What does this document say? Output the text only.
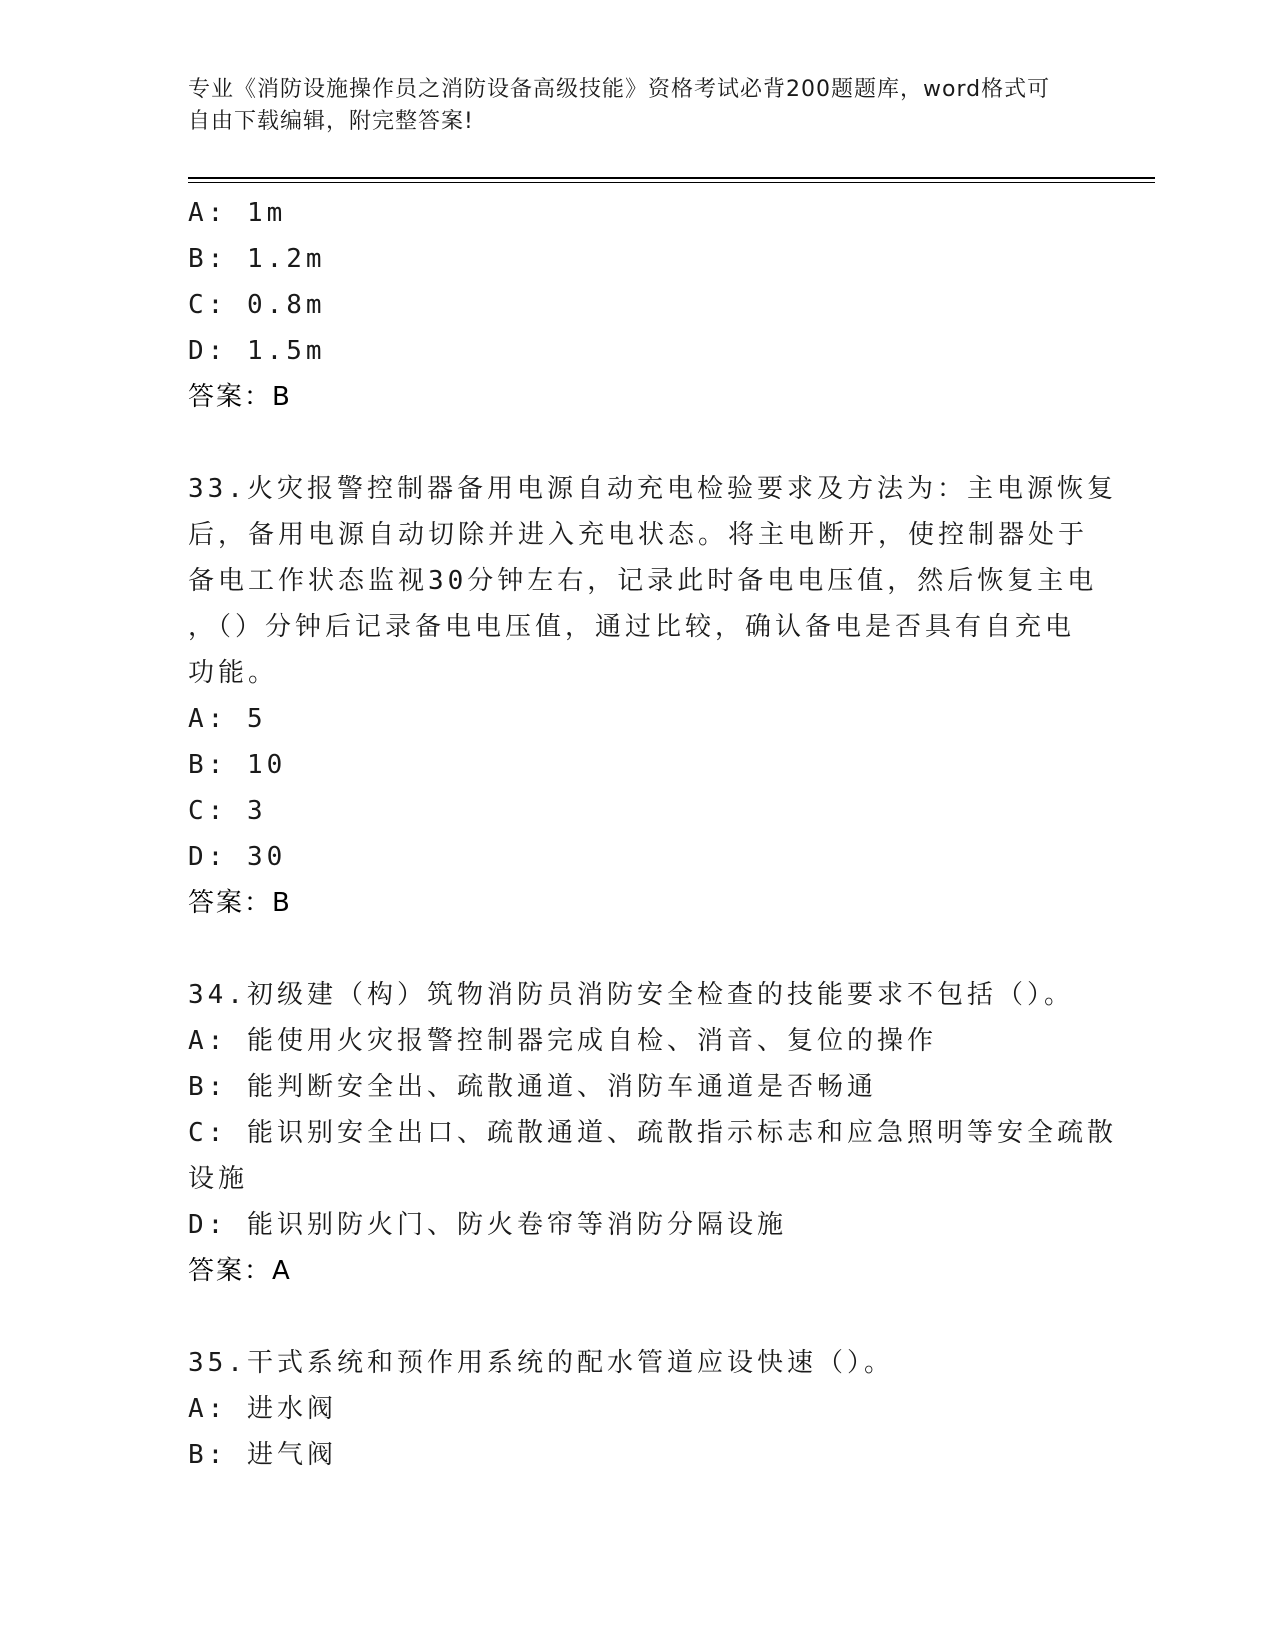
专业《消防设施操作员之消防设备高级技能》资格考试必背200题题库，word格式可自由下载编辑，附完整答案!
A: 1m
B: 1.2m
C: 0.8m
D: 1.5m
答案：B
33.火灾报警控制器备用电源自动充电检验要求及方法为：主电源恢复
后，备用电源自动切除并进入充电状态。将主电断开，使控制器处于
备电工作状态监视30分钟左右，记录此时备电电压值，然后恢复主电
，（）分钟后记录备电电压值，通过比较，确认备电是否具有自充电
功能。
A: 5
B: 10
C: 3
D: 30
答案：B
34.初级建（构）筑物消防员消防安全检查的技能要求不包括（）。
A: 能使用火灾报警控制器完成自检、消音、复位的操作
B: 能判断安全出、疏散通道、消防车通道是否畅通
C: 能识别安全出口、疏散通道、疏散指示标志和应急照明等安全疏散
设施
D: 能识别防火门、防火卷帘等消防分隔设施
答案：A
35.干式系统和预作用系统的配水管道应设快速（）。
A: 进水阀
B: 进气阀
